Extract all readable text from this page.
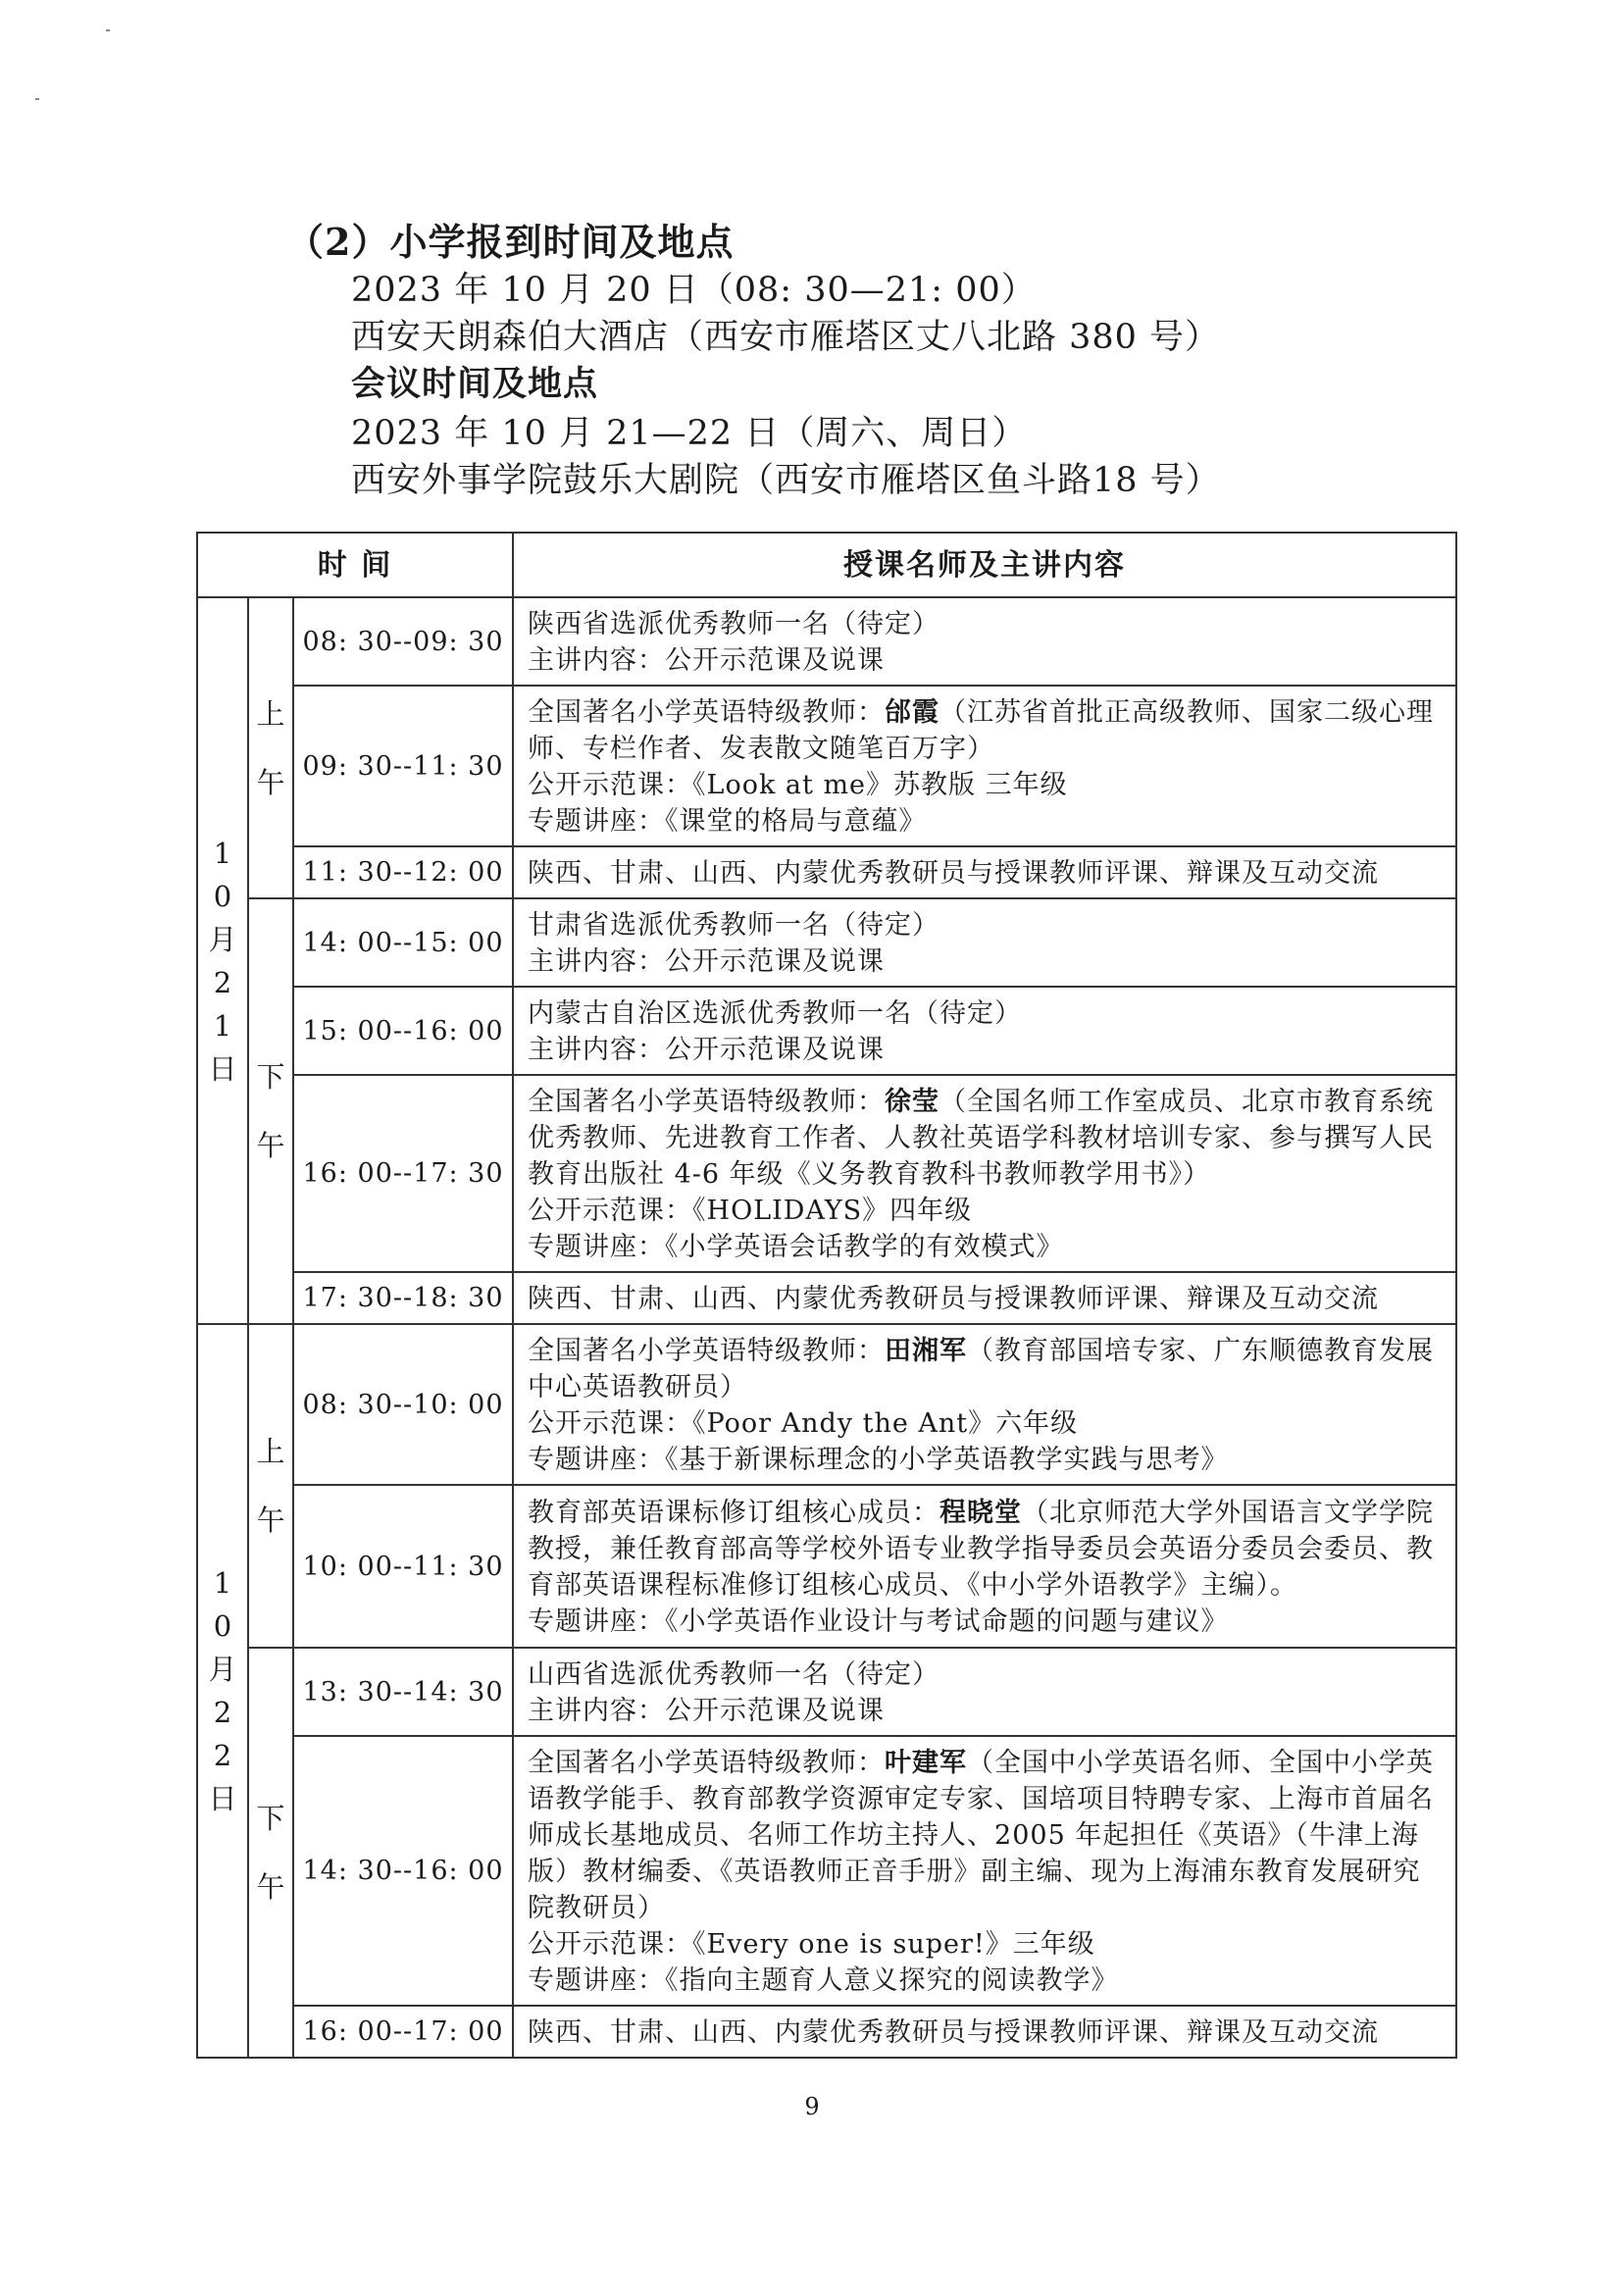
（2）小学报到时间及地点
2023 年 10 月 20 日（08: 30—21: 00）
西安天朗森伯大酒店（西安市雁塔区丈八北路 380 号）
会议时间及地点
2023 年 10 月 21—22 日（周六、周日）
西安外事学院鼓乐大剧院（西安市雁塔区鱼斗路18 号）
时 间			授课名师及主讲内容
10月21日	上午	08: 30--09: 30	陕西省选派优秀教师一名（待定）

主讲内容：公开示范课及说课

		09: 30--11: 30	全国著名小学英语特级教师：邰霞（江苏省首批正高级教师、国家二级心理师、专栏作者、发表散文随笔百万字）

公开示范课：《Look at me》苏教版 三年级

专题讲座：《课堂的格局与意蕴》

		11: 30--12: 00	陕西、甘肃、山西、内蒙优秀教研员与授课教师评课、辩课及互动交流

	下午	14: 00--15: 00	甘肃省选派优秀教师一名（待定）

主讲内容：公开示范课及说课

		15: 00--16: 00	内蒙古自治区选派优秀教师一名（待定）

主讲内容：公开示范课及说课

		16: 00--17: 30	全国著名小学英语特级教师：徐莹（全国名师工作室成员、北京市教育系统优秀教师、先进教育工作者、人教社英语学科教材培训专家、参与撰写人民教育出版社 4-6 年级《义务教育教科书教师教学用书》）

公开示范课：《HOLIDAYS》四年级

专题讲座：《小学英语会话教学的有效模式》

		17: 30--18: 30	陕西、甘肃、山西、内蒙优秀教研员与授课教师评课、辩课及互动交流

10月22日	上午	08: 30--10: 00	全国著名小学英语特级教师：田湘军（教育部国培专家、广东顺德教育发展中心英语教研员）

公开示范课：《Poor Andy the Ant》六年级

专题讲座：《基于新课标理念的小学英语教学实践与思考》

		10: 00--11: 30	教育部英语课标修订组核心成员：程晓堂（北京师范大学外国语言文学学院教授，兼任教育部高等学校外语专业教学指导委员会英语分委员会委员、教育部英语课程标准修订组核心成员、《中小学外语教学》主编）。

专题讲座：《小学英语作业设计与考试命题的问题与建议》

	下午	13: 30--14: 30	山西省选派优秀教师一名（待定）

主讲内容：公开示范课及说课

		14: 30--16: 00	全国著名小学英语特级教师：叶建军（全国中小学英语名师、全国中小学英语教学能手、教育部教学资源审定专家、国培项目特聘专家、上海市首届名师成长基地成员、名师工作坊主持人、2005 年起担任《英语》（牛津上海版）教材编委、《英语教师正音手册》副主编、现为上海浦东教育发展研究院教研员）

公开示范课：《Every one is super!》三年级

专题讲座：《指向主题育人意义探究的阅读教学》

		16: 00--17: 00	陕西、甘肃、山西、内蒙优秀教研员与授课教师评课、辩课及互动交流

9
